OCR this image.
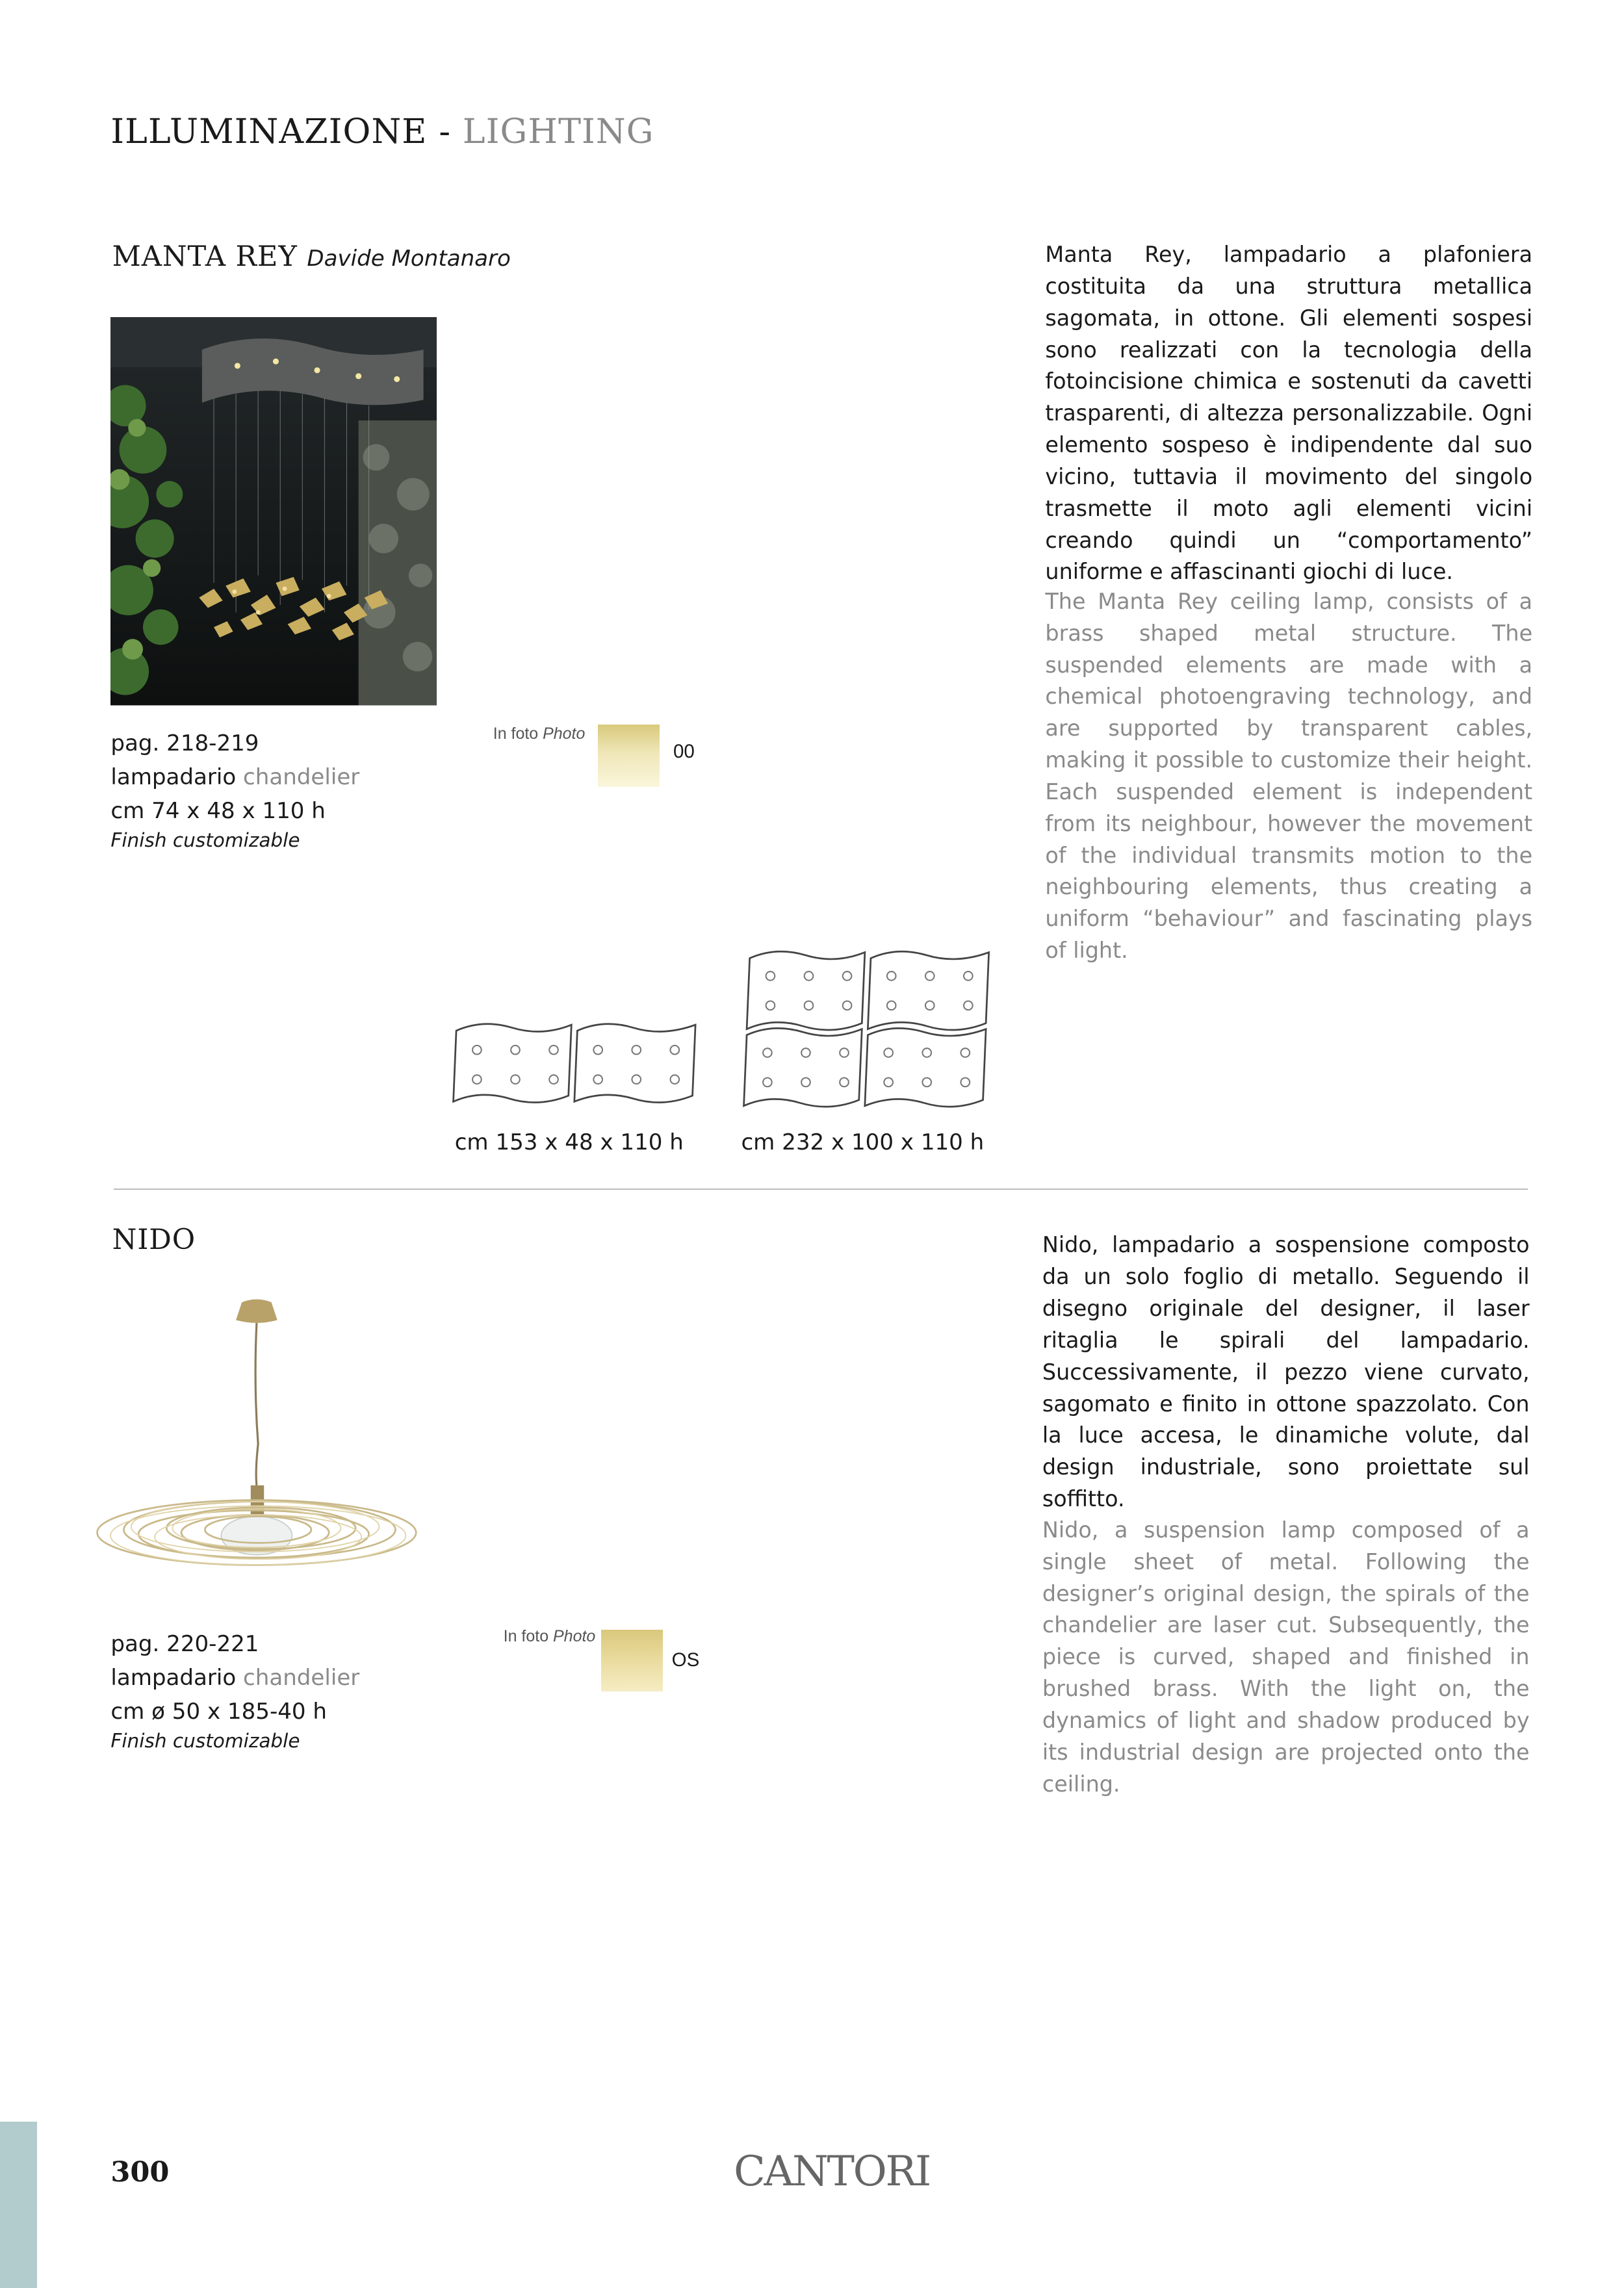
ILLUMINAZIONE - LIGHTING
MANTA REY Davide Montanaro
pag. 218-219
lampadario chandelier
cm 74 x 48 x 110 h
Finish customizable
In foto Photo
00
Manta Rey, lampadario a plafoniera costituita da una struttura metallica sagomata, in ottone. Gli elementi sospesi sono realizzati con la tecnologia della fotoincisione chimica e sostenuti da cavetti trasparenti, di altezza personalizzabile. Ogni elemento sospeso è indipendente dal suo vicino, tuttavia il movimento del singolo trasmette il moto agli elementi vicini creando quindi un “comportamento” uniforme e affascinanti giochi di luce.
The Manta Rey ceiling lamp, consists of a brass shaped metal structure. The suspended elements are made with a chemical photoengraving technology, and are supported by transparent cables, making it possible to customize their height. Each suspended element is independent from its neighbour, however the movement of the individual transmits motion to the neighbouring elements, thus creating a uniform “behaviour” and fascinating plays of light.
cm 153 x 48 x 110 h	cm 232 x 100 x 110 h
NIDO
pag. 220-221
lampadario chandelier
cm ø 50 x 185-40 h
Finish customizable
In foto Photo
OS
Nido, lampadario a sospensione composto da un solo foglio di metallo. Seguendo il disegno originale del designer, il laser ritaglia le spirali del lampadario. Successivamente, il pezzo viene curvato, sagomato e finito in ottone spazzolato. Con la luce accesa, le dinamiche volute, dal design industriale, sono proiettate sul soffitto.
Nido, a suspension lamp composed of a single sheet of metal. Following the designer’s original design, the spirals of the chandelier are laser cut. Subsequently, the piece is curved, shaped and finished in brushed brass. With the light on, the dynamics of light and shadow produced by its industrial design are projected onto the ceiling.
300	CANTORI
